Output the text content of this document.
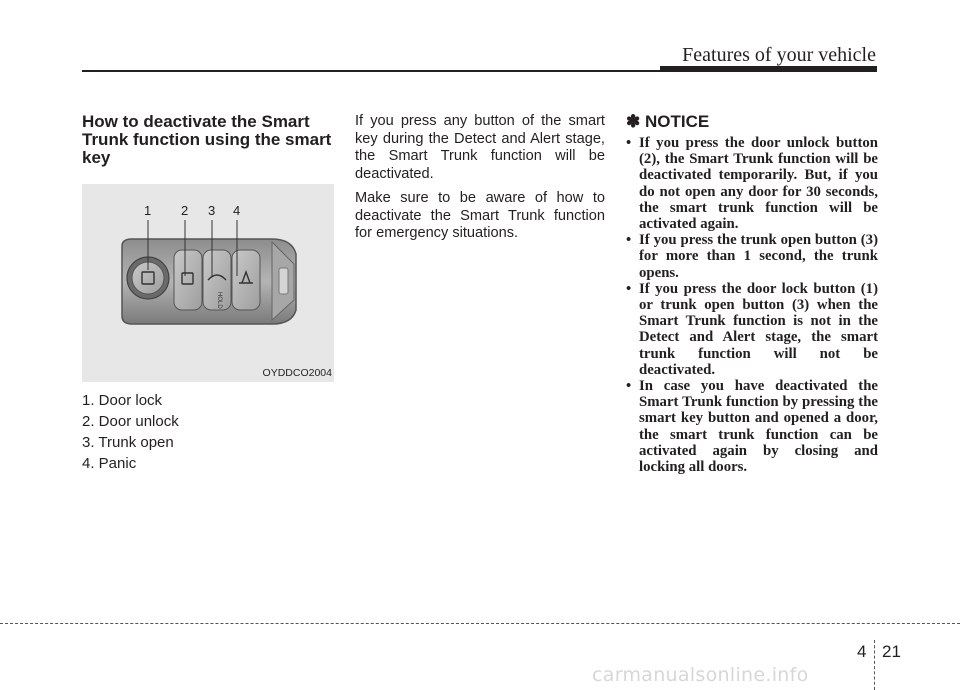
Features of your vehicle
How to deactivate the Smart Trunk function using the smart key
HOLD
1 2 3 4
OYDDCO2004
1. Door lock
2. Door unlock
3. Trunk open
4. Panic

If you press any button of the smart key during the Detect and Alert stage, the Smart Trunk function will be deactivated.

Make sure to be aware of how to deactivate the Smart Trunk function for emergency situations.

✽ NOTICE
• If you press the door unlock button (2), the Smart Trunk function will be deactivated temporarily. But, if you do not open any door for 30 seconds, the smart trunk function will be activated again.
• If you press the trunk open button (3) for more than 1 second, the trunk opens.
• If you press the door lock button (1) or trunk open button (3) when the Smart Trunk function is not in the Detect and Alert stage, the smart trunk function will not be deactivated.
• In case you have deactivated the Smart Trunk function by pressing the smart key button and opened a door, the smart trunk function can be activated again by closing and locking all doors.
4 21
carmanualsonline.info
